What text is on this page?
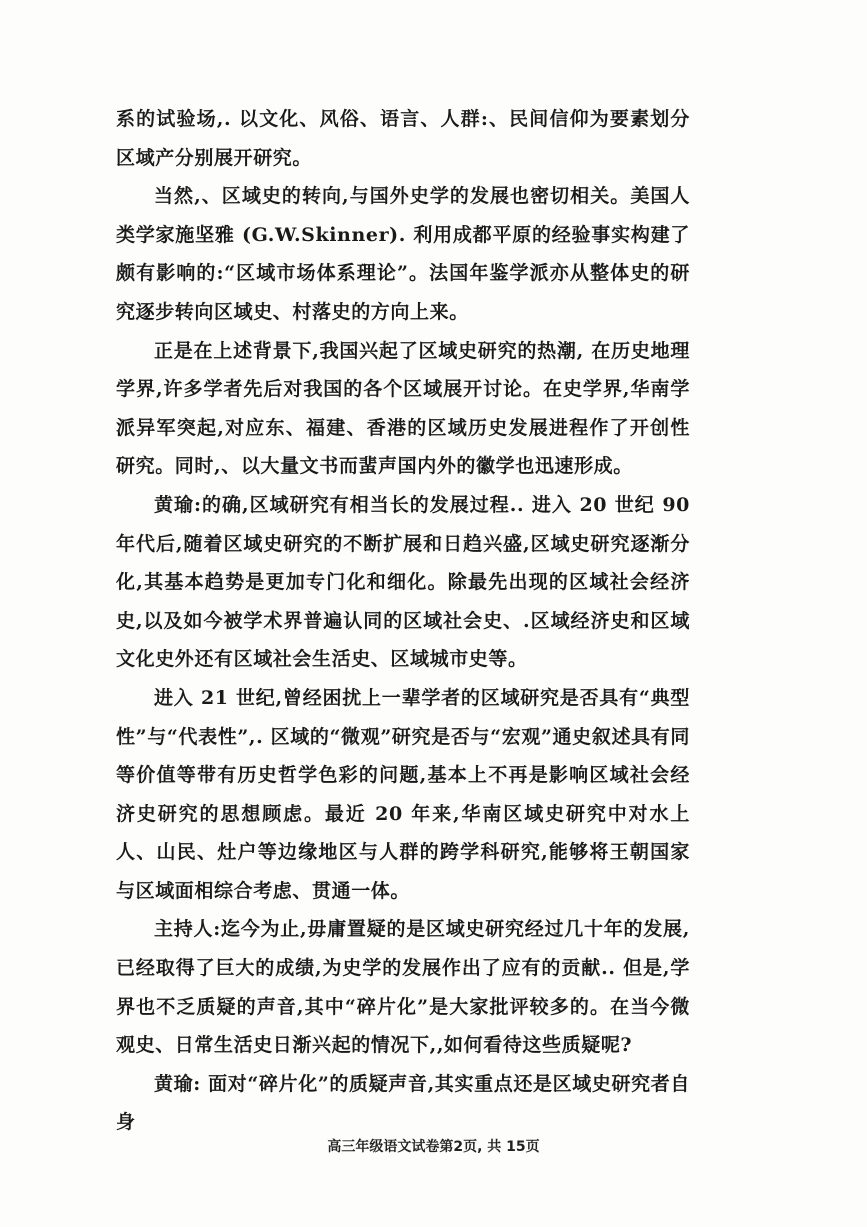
系的试验场,. 以文化、风俗、语言、人群:、民间信仰为要素划分区域产分别展开研究。

当然,、区域史的转向,与国外史学的发展也密切相关。美国人类学家施坚雅 (G.W.Skinner). 利用成都平原的经验事实构建了颇有影响的:“区域市场体系理论”。法国年鉴学派亦从整体史的研究逐步转向区域史、村落史的方向上来。

正是在上述背景下,我国兴起了区域史研究的热潮, 在历史地理学界,许多学者先后对我国的各个区域展开讨论。在史学界,华南学派异军突起,对应东、福建、香港的区域历史发展进程作了开创性研究。同时,、以大量文书而蜚声国内外的徽学也迅速形成。

黄瑜:的确,区域研究有相当长的发展过程.. 进入 20 世纪 90 年代后,随着区域史研究的不断扩展和日趋兴盛,区域史研究逐渐分化,其基本趋势是更加专门化和细化。除最先出现的区域社会经济史,以及如今被学术界普遍认同的区域社会史、.区域经济史和区域文化史外还有区域社会生活史、区域城市史等。

进入 21 世纪,曾经困扰上一辈学者的区域研究是否具有“典型性”与“代表性”,. 区域的“微观”研究是否与“宏观”通史叙述具有同等价值等带有历史哲学色彩的问题,基本上不再是影响区域社会经济史研究的思想顾虑。最近 20 年来,华南区域史研究中对水上人、山民、灶户等边缘地区与人群的跨学科研究,能够将王朝国家与区域面相综合考虑、贯通一体。

主持人:迄今为止,毋庸置疑的是区域史研究经过几十年的发展,已经取得了巨大的成绩,为史学的发展作出了应有的贡献.. 但是,学界也不乏质疑的声音,其中“碎片化”是大家批评较多的。在当今微观史、日常生活史日渐兴起的情况下,,如何看待这些质疑呢?

黄瑜: 面对“碎片化”的质疑声音,其实重点还是区域史研究者自身

高三年级语文试卷第2页, 共 15页
